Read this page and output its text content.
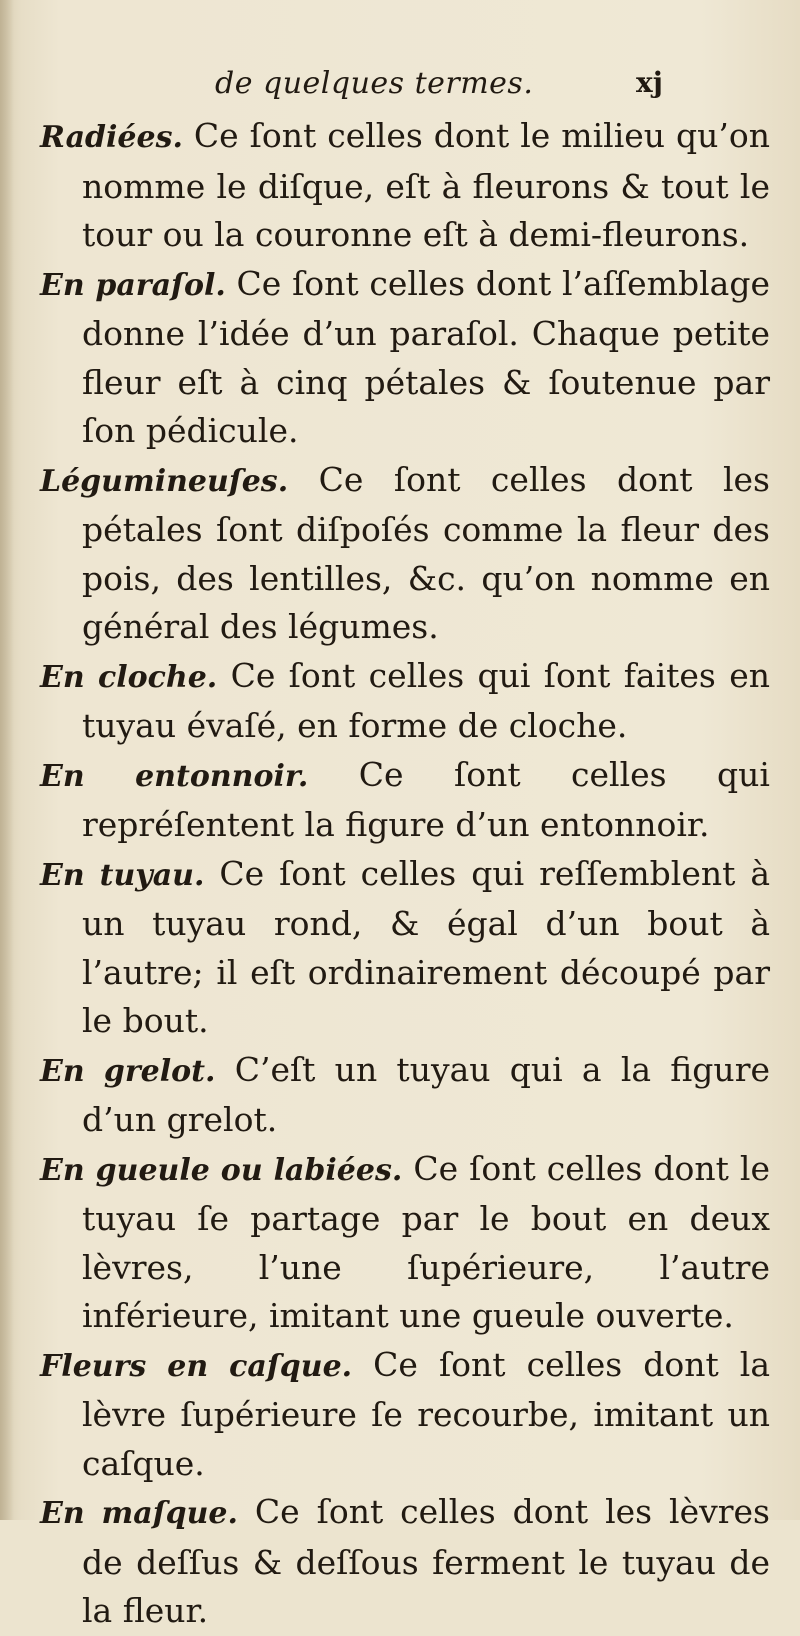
de quelques termes.	xj

Radiées. Ce ſont celles dont le milieu qu’on nomme le diſque, eſt à fleurons & tout le tour ou la couronne eſt à demi-fleurons.

En paraſol. Ce ſont celles dont l’aſſemblage donne l’idée d’un paraſol. Chaque petite fleur eſt à cinq pétales & ſoutenue par ſon pédicule.

Légumineuſes. Ce ſont celles dont les pétales ſont diſpoſés comme la fleur des pois, des lentilles, &c. qu’on nomme en général des légumes.

En cloche. Ce ſont celles qui ſont faites en tuyau évaſé, en forme de cloche.

En entonnoir. Ce ſont celles qui repréſentent la figure d’un entonnoir.

En tuyau. Ce ſont celles qui reſſemblent à un tuyau rond, & égal d’un bout à l’autre; il eſt ordinairement découpé par le bout.

En grelot. C’eſt un tuyau qui a la figure d’un grelot.

En gueule ou labiées. Ce ſont celles dont le tuyau ſe partage par le bout en deux lèvres, l’une ſupérieure, l’autre inférieure, imitant une gueule ouverte.

Fleurs en caſque. Ce ſont celles dont la lèvre ſupérieure ſe recourbe, imitant un caſque.

En maſque. Ce ſont celles dont les lèvres de deſſus & deſſous ferment le tuyau de la fleur.
